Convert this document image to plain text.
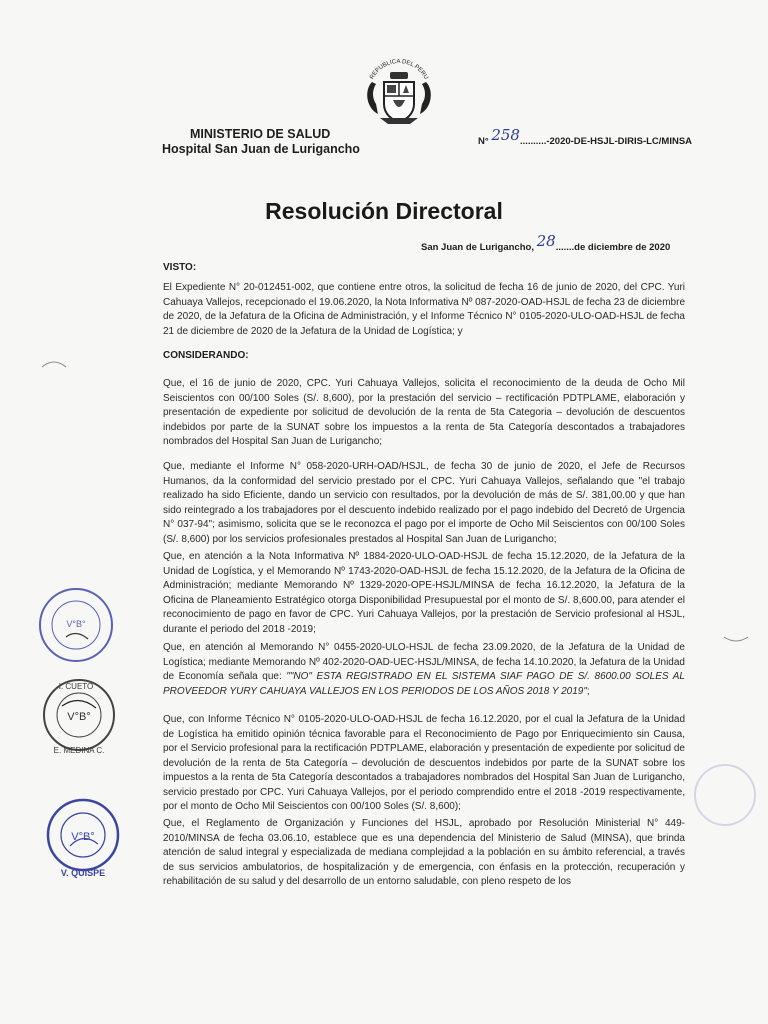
REPUBLICA DEL PERU
MINISTERIO DE SALUD
Hospital San Juan de Lurigancho
N° 258..........-2020-DE-HSJL-DIRIS-LC/MINSA
Resolución Directoral
San Juan de Lurigancho, 28.......de diciembre de 2020
VISTO:
El Expediente N° 20-012451-002, que contiene entre otros, la solicitud de fecha 16 de junio de 2020, del CPC. Yuri Cahuaya Vallejos, recepcionado el 19.06.2020, la Nota Informativa Nº 087-2020-OAD-HSJL de fecha 23 de diciembre de 2020, de la Jefatura de la Oficina de Administración, y el Informe Técnico N° 0105-2020-ULO-OAD-HSJL de fecha 21 de diciembre de 2020 de la Jefatura de la Unidad de Logística; y
CONSIDERANDO:
Que, el 16 de junio de 2020, CPC. Yuri Cahuaya Vallejos, solicita el reconocimiento de la deuda de Ocho Mil Seiscientos con 00/100 Soles (S/. 8,600), por la prestación del servicio – rectificación PDTPLAME, elaboración y presentación de expediente por solicitud de devolución de la renta de 5ta Categoria – devolución de descuentos indebidos por parte de la SUNAT sobre los impuestos a la renta de 5ta Categoría descontados a trabajadores nombrados del Hospital San Juan de Lurigancho;
Que, mediante el Informe N° 058-2020-URH-OAD/HSJL, de fecha 30 de junio de 2020, el Jefe de Recursos Humanos, da la conformidad del servicio prestado por el CPC. Yuri Cahuaya Vallejos, señalando que "el trabajo realizado ha sido Eficiente, dando un servicio con resultados, por la devolución de más de S/. 381,00.00 y que han sido reintegrado a los trabajadores por el descuento indebido realizado por el pago indebido del Decretó de Urgencia N° 037-94"; asimismo, solicita que se le reconozca el pago por el importe de Ocho Mil Seiscientos con 00/100 Soles (S/. 8,600) por los servicios profesionales prestados al Hospital San Juan de Lurigancho;
Que, en atención a la Nota Informativa Nº 1884-2020-ULO-OAD-HSJL de fecha 15.12.2020, de la Jefatura de la Unidad de Logística, y el Memorando Nº 1743-2020-OAD-HSJL de fecha 15.12.2020, de la Jefatura de la Oficina de Administración; mediante Memorando Nº 1329-2020-OPE-HSJL/MINSA de fecha 16.12.2020, la Jefatura de la Oficina de Planeamiento Estratégico otorga Disponibilidad Presupuestal por el monto de S/. 8,600.00, para atender el reconocimiento de pago en favor de CPC. Yuri Cahuaya Vallejos, por la prestación de Servicio profesional al HSJL, durante el periodo del 2018 -2019;
Que, en atención al Memorando N° 0455-2020-ULO-HSJL de fecha 23.09.2020, de la Jefatura de la Unidad de Logística; mediante Memorando Nº 402-2020-OAD-UEC-HSJL/MINSA, de fecha 14.10.2020, la Jefatura de la Unidad de Economía señala que: ""NO" ESTA REGISTRADO EN EL SISTEMA SIAF PAGO DE S/. 8600.00 SOLES AL PROVEEDOR YURY CAHUAYA VALLEJOS EN LOS PERIODOS DE LOS AÑOS 2018 Y 2019";
Que, con Informe Técnico N° 0105-2020-ULO-OAD-HSJL de fecha 16.12.2020, por el cual la Jefatura de la Unidad de Logística ha emitido opinión técnica favorable para el Reconocimiento de Pago por Enriquecimiento sin Causa, por el Servicio profesional para la rectificación PDTPLAME, elaboración y presentación de expediente por solicitud de devolución de la renta de 5ta Categoría – devolución de descuentos indebidos por parte de la SUNAT sobre los impuestos a la renta de 5ta Categoría descontados a trabajadores nombrados del Hospital San Juan de Lurigancho, servicio prestado por CPC. Yuri Cahuaya Vallejos, por el periodo comprendido entre el 2018 -2019 respectivamente, por el monto de Ocho Mil Seiscientos con 00/100 Soles (S/. 8,600);
Que, el Reglamento de Organización y Funciones del HSJL, aprobado por Resolución Ministerial N° 449-2010/MINSA de fecha 03.06.10, establece que es una dependencia del Ministerio de Salud (MINSA), que brinda atención de salud integral y especializada de mediana complejidad a la población en su ámbito referencial, a través de sus servicios ambulatorios, de hospitalización y de emergencia, con énfasis en la protección, recuperación y rehabilitación de su salud y del desarrollo de un entorno saludable, con pleno respeto de los
V°B°
I. CUETO
V°B°
E. MEDINA C.
V°B°
V. QUISPE
